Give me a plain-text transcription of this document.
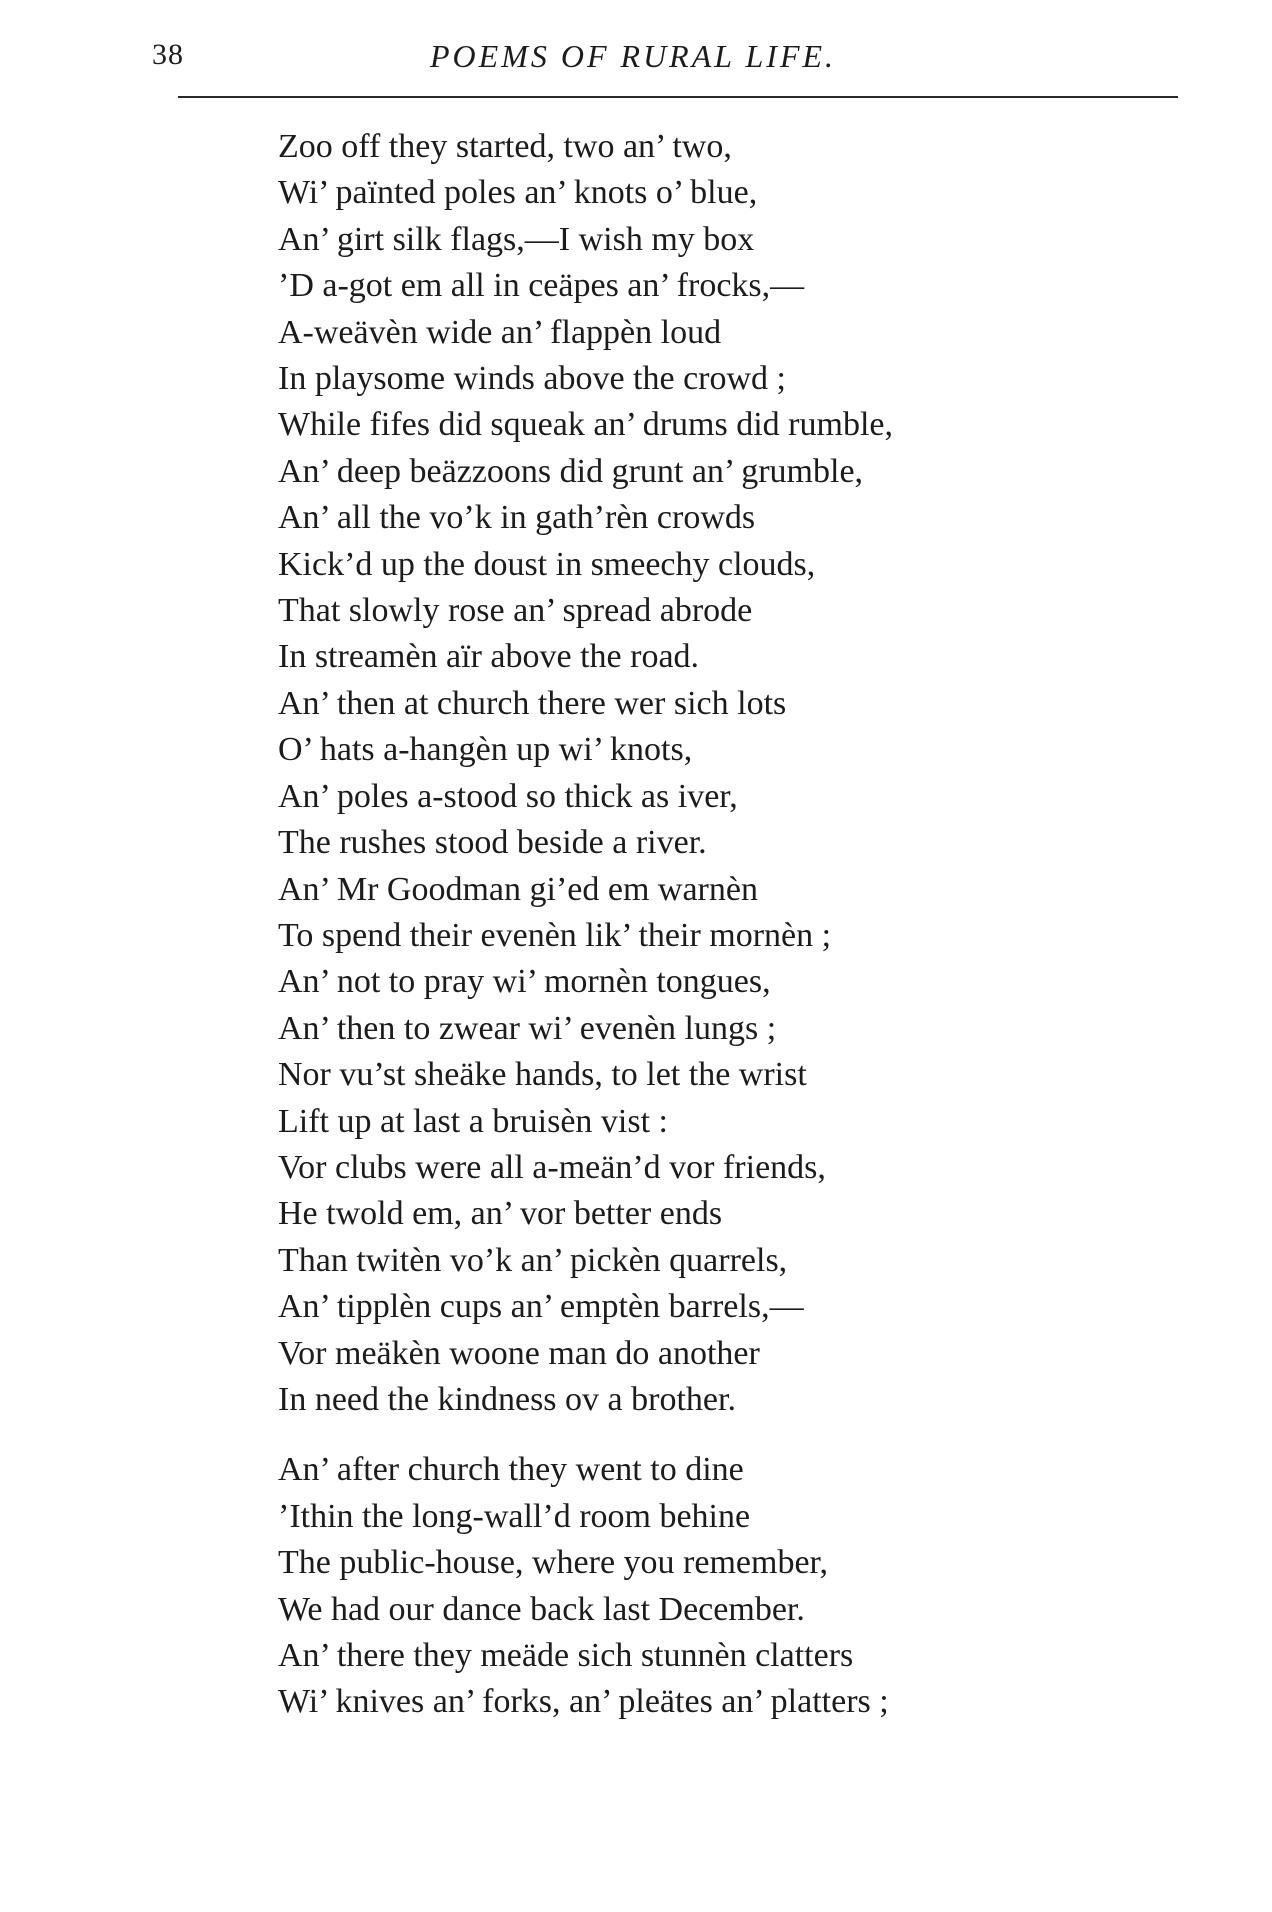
38	POEMS OF RURAL LIFE.
Zoo off they started, two an’ two,
Wi’ païnted poles an’ knots o’ blue,
An’ girt silk flags,—I wish my box
’D a-got em all in ceäpes an’ frocks,—
A-weävèn wide an’ flappèn loud
In playsome winds above the crowd ;
While fifes did squeak an’ drums did rumble,
An’ deep beäzzoons did grunt an’ grumble,
An’ all the vo’k in gath’rèn crowds
Kick’d up the doust in smeechy clouds,
That slowly rose an’ spread abrode
In streamèn aïr above the road.
An’ then at church there wer sich lots
O’ hats a-hangèn up wi’ knots,
An’ poles a-stood so thick as iver,
The rushes stood beside a river.
An’ Mr Goodman gi’ed em warnèn
To spend their evenèn lik’ their mornèn ;
An’ not to pray wi’ mornèn tongues,
An’ then to zwear wi’ evenèn lungs ;
Nor vu’st sheäke hands, to let the wrist
Lift up at last a bruisèn vist :
Vor clubs were all a-meän’d vor friends,
He twold em, an’ vor better ends
Than twitèn vo’k an’ pickèn quarrels,
An’ tipplèn cups an’ emptèn barrels,—
Vor meäkèn woone man do another
In need the kindness ov a brother.
An’ after church they went to dine
’Ithin the long-wall’d room behine
The public-house, where you remember,
We had our dance back last December.
An’ there they meäde sich stunnèn clatters
Wi’ knives an’ forks, an’ pleätes an’ platters ;
